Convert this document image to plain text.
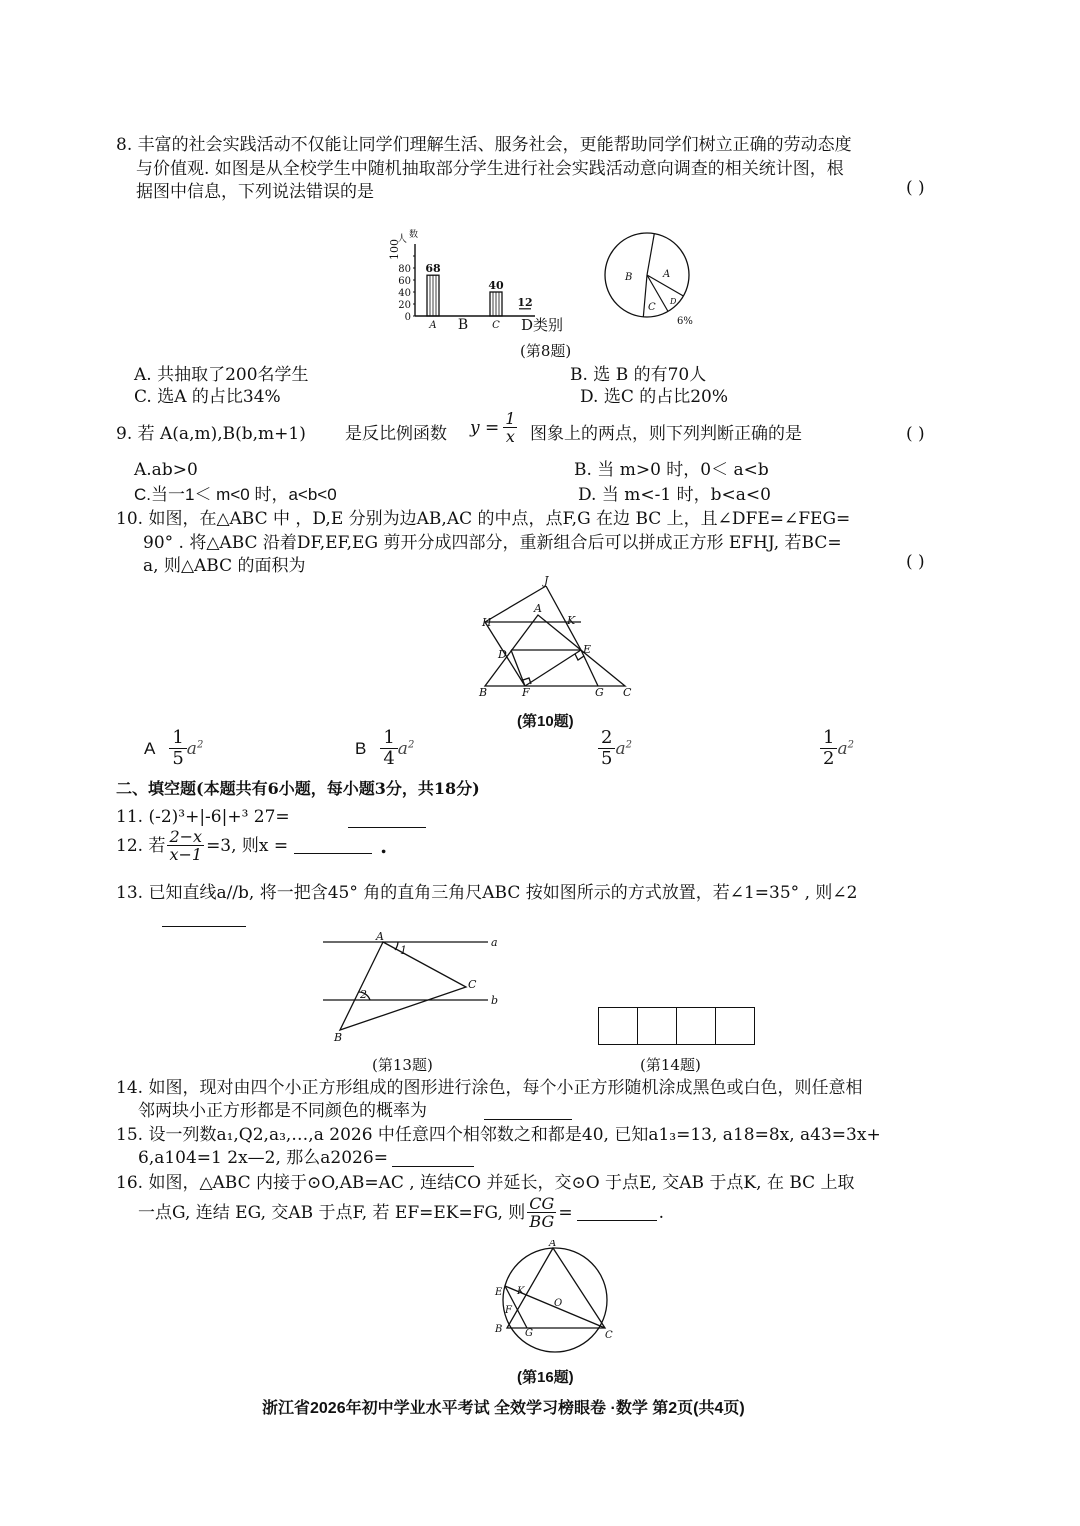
8. 丰富的社会实践活动不仅能让同学们理解生活、服务社会，更能帮助同学们树立正确的劳动态度
与价值观. 如图是从全校学生中随机抽取部分学生进行社会实践活动意向调查的相关统计图，根
据图中信息，下列说法错误的是	( )
人 数
0
20
40
60
80
100
68
A B
40
C
12
D类别
A
B
C
D
6%
(第8题)
A. 共抽取了200名学生	B. 选 B 的有70人
C. 选A 的占比34%	D. 选C 的占比20%
9. 若 A(a,m),B(b,m+1) 是反比例函数 $y = \frac{1}{x}$ 图象上的两点，则下列判断正确的是	( )
A.ab>0	B. 当 m>0 时，0＜ a<b
C.当一1＜ m<0 时，a<b<0	D. 当 m<-1 时，b<a<0
10. 如图，在△ABC 中 ，D,E 分别为边AB,AC 的中点，点F,G 在边 BC 上，且∠DFE=∠FEG=
90° . 将△ABC 沿着DF,EF,EG 剪开分成四部分，重新组合后可以拼成正方形 EFHJ, 若BC=
a, 则△ABC 的面积为	( )
J
H
A
K
D	E
B	F	G C
(第10题)
A $\frac{1}{5} a^2$	B $\frac{1}{4} a^2$	$\frac{2}{5} a^2$	$\frac{1}{2} a^2$
二、填空题(本题共有6小题，每小题3分，共18分)
11. (-2)³+|-6|+³ 27=
12. 若 $\frac{2-x}{x-1} =3$, 则x =	.
13. 已知直线a//b, 将一把含45° 角的直角三角尺ABC 按如图所示的方式放置，若∠1=35° , 则∠2
A
1
a
2
C
b
B
(第13题)	(第14题)
14. 如图，现对由四个小正方形组成的图形进行涂色，每个小正方形随机涂成黑色或白色，则任意相
邻两块小正方形都是不同颜色的概率为
15. 设一列数a₁,Q2,a₃,…,a 2026 中任意四个相邻数之和都是40, 已知a1₃=13, a18=8x, a43=3x+
6,a104=1 2x—2, 那么a2026=
16. 如图，△ABC 内接于⊙O,AB=AC , 连结CO 并延长，交⊙O 于点E, 交AB 于点K, 在 BC 上取
一点G, 连结 EG, 交AB 于点F, 若 EF=EK=FG, 则 $\frac{CG}{BG}$ =	.
A
E K
O
F
B G	C
(第16题)
浙江省2026年初中学业水平考试 全效学习榜眼卷 ·数学 第2页(共4页)
